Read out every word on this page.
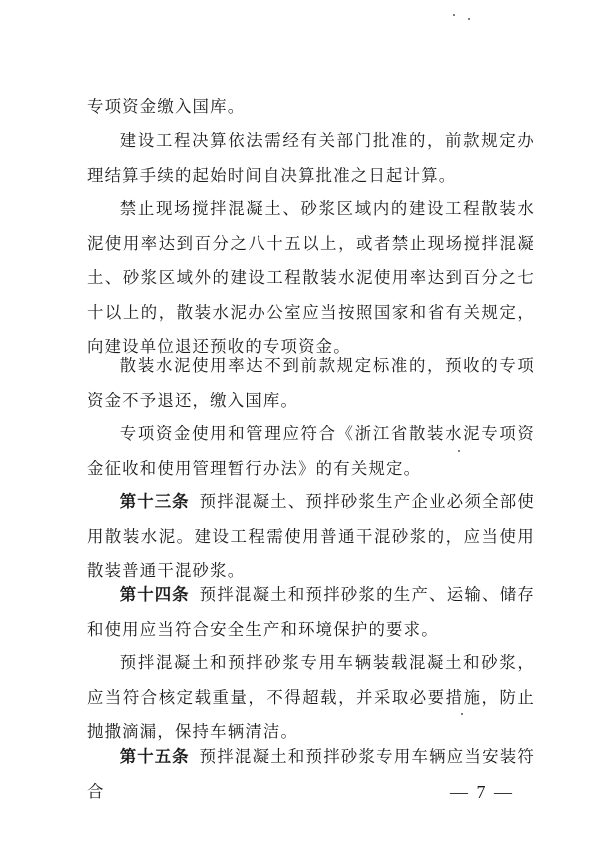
专项资金缴入国库。

建设工程决算依法需经有关部门批准的，前款规定办理结算手续的起始时间自决算批准之日起计算。

禁止现场搅拌混凝土、砂浆区域内的建设工程散装水泥使用率达到百分之八十五以上，或者禁止现场搅拌混凝土、砂浆区域外的建设工程散装水泥使用率达到百分之七十以上的，散装水泥办公室应当按照国家和省有关规定，向建设单位退还预收的专项资金。

散装水泥使用率达不到前款规定标准的，预收的专项资金不予退还，缴入国库。

专项资金使用和管理应符合《浙江省散装水泥专项资金征收和使用管理暂行办法》的有关规定。

第十三条 预拌混凝土、预拌砂浆生产企业必须全部使用散装水泥。建设工程需使用普通干混砂浆的，应当使用散装普通干混砂浆。

第十四条 预拌混凝土和预拌砂浆的生产、运输、储存和使用应当符合安全生产和环境保护的要求。

预拌混凝土和预拌砂浆专用车辆装载混凝土和砂浆，应当符合核定载重量，不得超载，并采取必要措施，防止抛撒滴漏，保持车辆清洁。

第十五条 预拌混凝土和预拌砂浆专用车辆应当安装符合	— 7 —
